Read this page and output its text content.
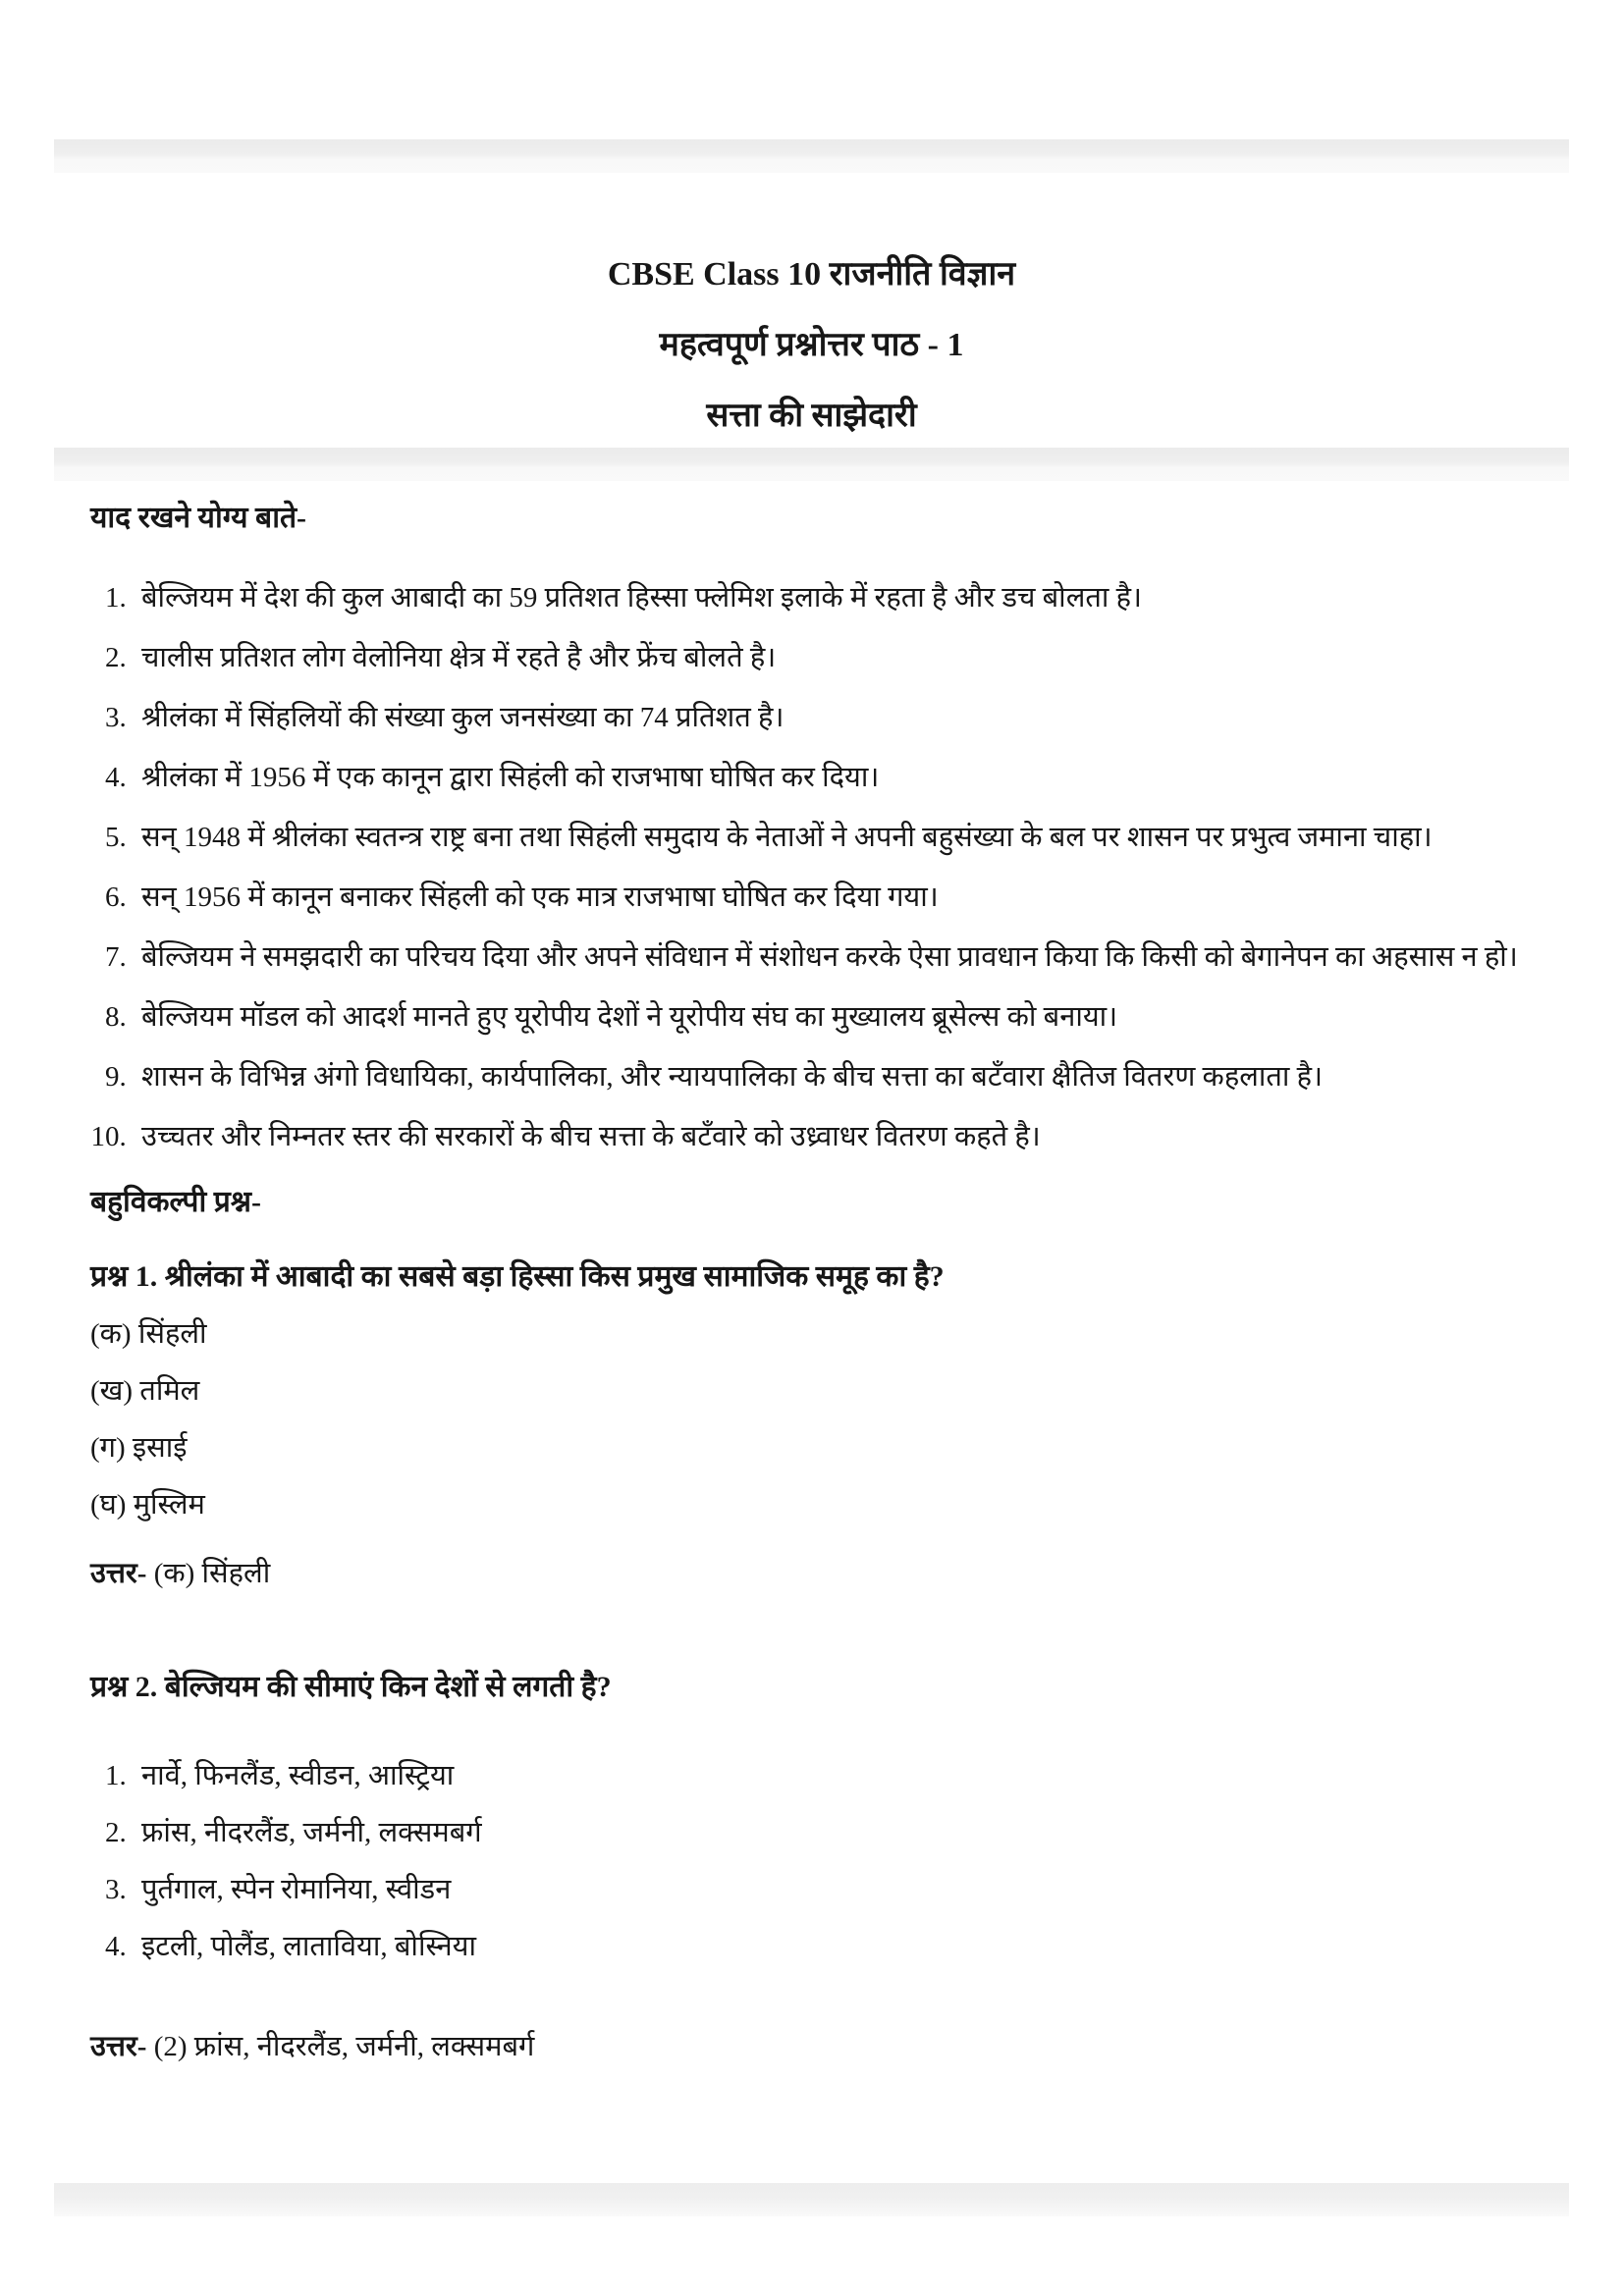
CBSE Class 10 राजनीति विज्ञान
महत्वपूर्ण प्रश्नोत्तर पाठ - 1
सत्ता की साझेदारी
याद रखने योग्य बाते-
1. बेल्जियम में देश की कुल आबादी का 59 प्रतिशत हिस्सा फ्लेमिश इलाके में रहता है और डच बोलता है।
2. चालीस प्रतिशत लोग वेलोनिया क्षेत्र में रहते है और फ्रेंच बोलते है।
3. श्रीलंका में सिंहलियों की संख्या कुल जनसंख्या का 74 प्रतिशत है।
4. श्रीलंका में 1956 में एक कानून द्वारा सिहंली को राजभाषा घोषित कर दिया।
5. सन् 1948 में श्रीलंका स्वतन्त्र राष्ट्र बना तथा सिहंली समुदाय के नेताओं ने अपनी बहुसंख्या के बल पर शासन पर प्रभुत्व जमाना चाहा।
6. सन् 1956 में कानून बनाकर सिंहली को एक मात्र राजभाषा घोषित कर दिया गया।
7. बेल्जियम ने समझदारी का परिचय दिया और अपने संविधान में संशोधन करके ऐसा प्रावधान किया कि किसी को बेगानेपन का अहसास न हो।
8. बेल्जियम मॉडल को आदर्श मानते हुए यूरोपीय देशों ने यूरोपीय संघ का मुख्यालय ब्रूसेल्स को बनाया।
9. शासन के विभिन्न अंगो विधायिका, कार्यपालिका, और न्यायपालिका के बीच सत्ता का बटँवारा क्षैतिज वितरण कहलाता है।
10. उच्चतर और निम्नतर स्तर की सरकारों के बीच सत्ता के बटँवारे को उध्र्वाधर वितरण कहते है।
बहुविकल्पी प्रश्न-
प्रश्न 1. श्रीलंका में आबादी का सबसे बड़ा हिस्सा किस प्रमुख सामाजिक समूह का है?
(क) सिंहली
(ख) तमिल
(ग) इसाई
(घ) मुस्लिम
उत्तर- (क) सिंहली
प्रश्न 2. बेल्जियम की सीमाएं किन देशों से लगती है?
1. नार्वे, फिनलैंड, स्वीडन, आस्ट्रिया
2. फ्रांस, नीदरलैंड, जर्मनी, लक्समबर्ग
3. पुर्तगाल, स्पेन रोमानिया, स्वीडन
4. इटली, पोलैंड, लाताविया, बोस्निया
उत्तर- (2) फ्रांस, नीदरलैंड, जर्मनी, लक्समबर्ग
